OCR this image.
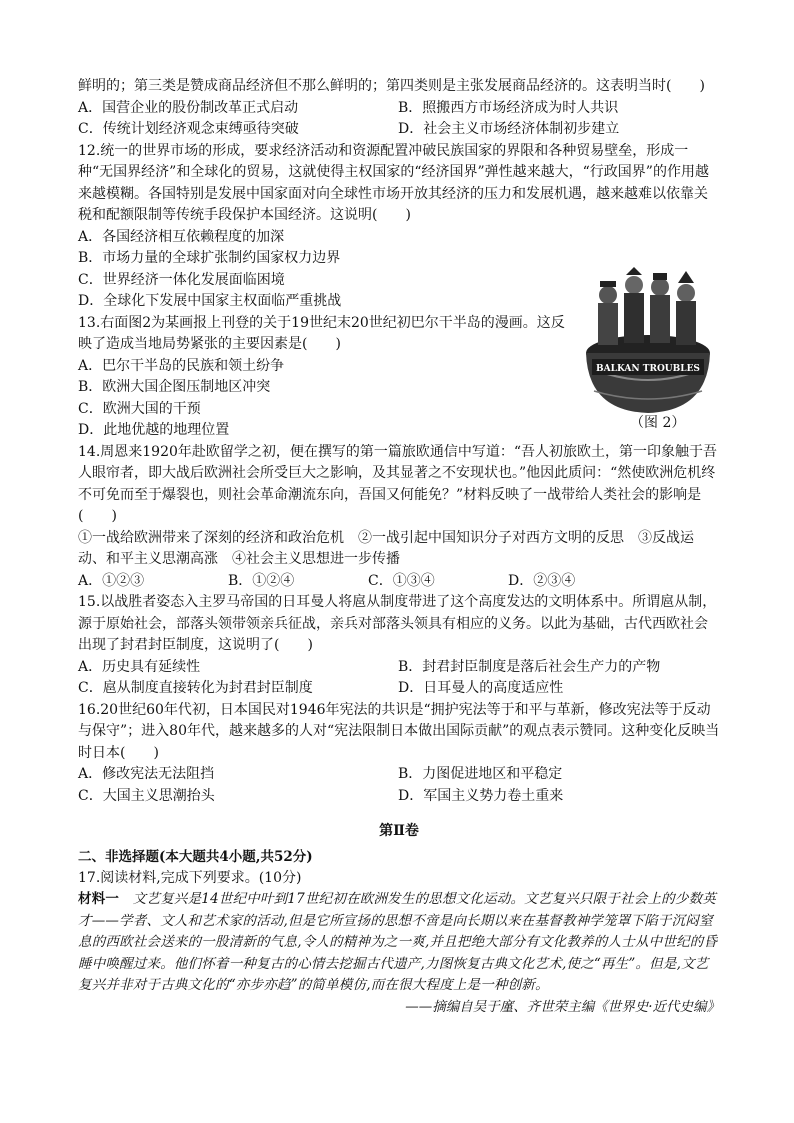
鲜明的；第三类是赞成商品经济但不那么鲜明的；第四类则是主张发展商品经济的。这表明当时(　　)

A．国营企业的股份制改革正式启动	B．照搬西方市场经济成为时人共识
C．传统计划经济观念束缚亟待突破	D．社会主义市场经济体制初步建立

12.统一的世界市场的形成，要求经济活动和资源配置冲破民族国家的界限和各种贸易壁垒，形成一种“无国界经济”和全球化的贸易，这就使得主权国家的“经济国界”弹性越来越大，“行政国界”的作用越来越模糊。各国特别是发展中国家面对向全球性市场开放其经济的压力和发展机遇，越来越难以依靠关税和配额限制等传统手段保护本国经济。这说明(　　)

A．各国经济相互依赖程度的加深
B．市场力量的全球扩张制约国家权力边界
C．世界经济一体化发展面临困境
D．全球化下发展中国家主权面临严重挑战

13.右面图2为某画报上刊登的关于19世纪末20世纪初巴尔干半岛的漫画。这反映了造成当地局势紧张的主要因素是(　　)

A．巴尔干半岛的民族和领土纷争
B．欧洲大国企图压制地区冲突
C．欧洲大国的干预
D．此地优越的地理位置
BALKAN TROUBLES
（图 2）

14.周恩来1920年赴欧留学之初，便在撰写的第一篇旅欧通信中写道：“吾人初旅欧土，第一印象触于吾人眼帘者，即大战后欧洲社会所受巨大之影响，及其显著之不安现状也。”他因此质问：“然使欧洲危机终不可免而至于爆裂也，则社会革命潮流东向，吾国又何能免？”材料反映了一战带给人类社会的影响是(　　)

①一战给欧洲带来了深刻的经济和政治危机　②一战引起中国知识分子对西方文明的反思　③反战运动、和平主义思潮高涨　④社会主义思想进一步传播

A．①②③	B．①②④	C．①③④	D．②③④

15.以战胜者姿态入主罗马帝国的日耳曼人将扈从制度带进了这个高度发达的文明体系中。所谓扈从制，源于原始社会，部落头领带领亲兵征战，亲兵对部落头领具有相应的义务。以此为基础，古代西欧社会出现了封君封臣制度，这说明了(　　)

A．历史具有延续性	B．封君封臣制度是落后社会生产力的产物
C．扈从制度直接转化为封君封臣制度	D．日耳曼人的高度适应性

16.20世纪60年代初，日本国民对1946年宪法的共识是“拥护宪法等于和平与革新，修改宪法等于反动与保守”；进入80年代，越来越多的人对“宪法限制日本做出国际贡献”的观点表示赞同。这种变化反映当时日本(　　)

A．修改宪法无法阻挡	B．力图促进地区和平稳定
C．大国主义思潮抬头	D．军国主义势力卷土重来
第Ⅱ卷

二、非选择题(本大题共4小题,共52分)

17.阅读材料,完成下列要求。(10分)

材料一　文艺复兴是14世纪中叶到17世纪初在欧洲发生的思想文化运动。文艺复兴只限于社会上的少数英才——学者、文人和艺术家的活动,但是它所宣扬的思想不啻是向长期以来在基督教神学笼罩下陷于沉闷窒息的西欧社会送来的一股清新的气息,令人的精神为之一爽,并且把绝大部分有文化教养的人士从中世纪的昏睡中唤醒过来。他们怀着一种复古的心情去挖掘古代遗产,力图恢复古典文化艺术,使之“再生”。但是,文艺复兴并非对于古典文化的“亦步亦趋”的简单模仿,而在很大程度上是一种创新。

——摘编自吴于廑、齐世荣主编《世界史·近代史编》
